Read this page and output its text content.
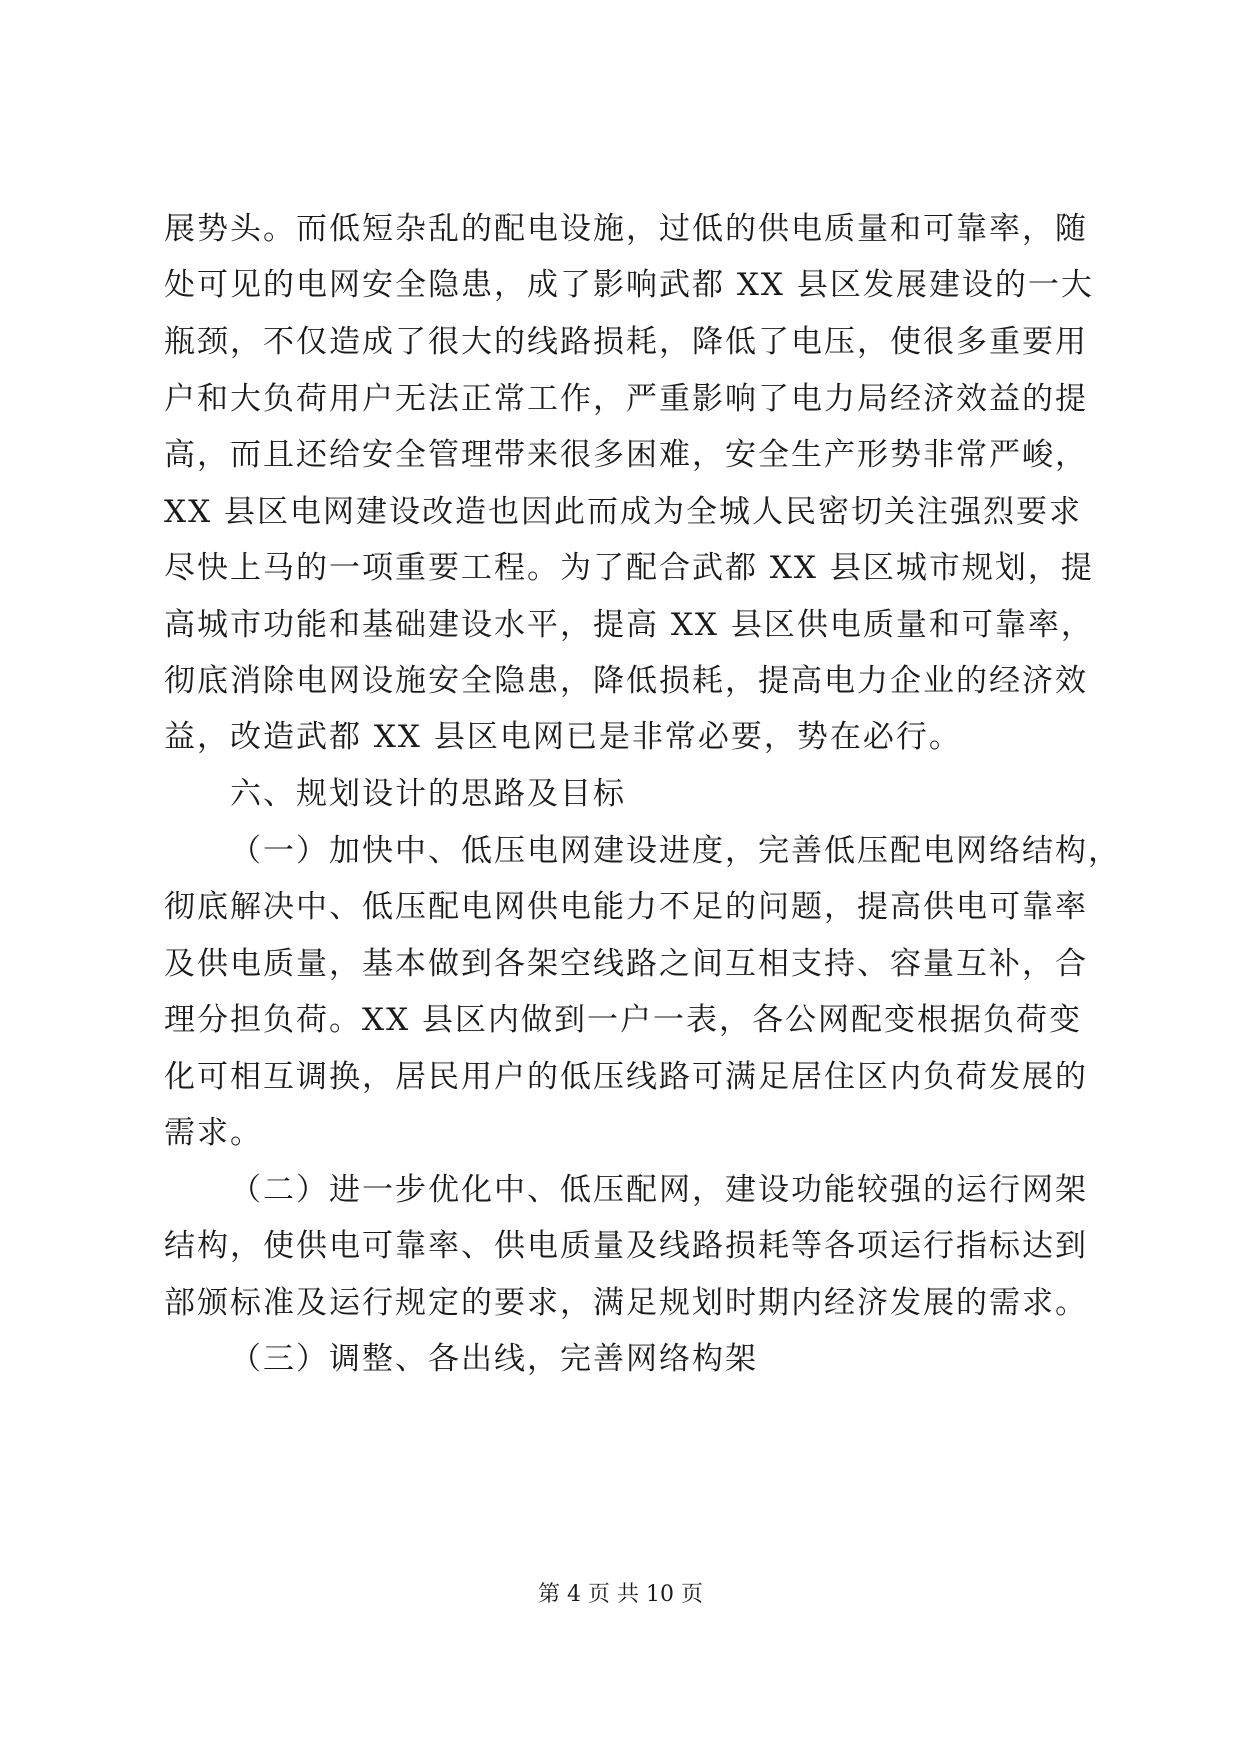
展势头。而低短杂乱的配电设施，过低的供电质量和可靠率，随
处可见的电网安全隐患，成了影响武都 XX 县区发展建设的一大
瓶颈，不仅造成了很大的线路损耗，降低了电压，使很多重要用
户和大负荷用户无法正常工作，严重影响了电力局经济效益的提
高，而且还给安全管理带来很多困难，安全生产形势非常严峻，
XX 县区电网建设改造也因此而成为全城人民密切关注强烈要求
尽快上马的一项重要工程。为了配合武都 XX 县区城市规划，提
高城市功能和基础建设水平，提高 XX 县区供电质量和可靠率，
彻底消除电网设施安全隐患，降低损耗，提高电力企业的经济效
益，改造武都 XX 县区电网已是非常必要，势在必行。
六、规划设计的思路及目标
（一）加快中、低压电网建设进度，完善低压配电网络结构，
彻底解决中、低压配电网供电能力不足的问题，提高供电可靠率
及供电质量，基本做到各架空线路之间互相支持、容量互补，合
理分担负荷。XX 县区内做到一户一表，各公网配变根据负荷变
化可相互调换，居民用户的低压线路可满足居住区内负荷发展的
需求。
（二）进一步优化中、低压配网，建设功能较强的运行网架
结构，使供电可靠率、供电质量及线路损耗等各项运行指标达到
部颁标准及运行规定的要求，满足规划时期内经济发展的需求。
（三）调整、各出线，完善网络构架
第 4 页 共 10 页
